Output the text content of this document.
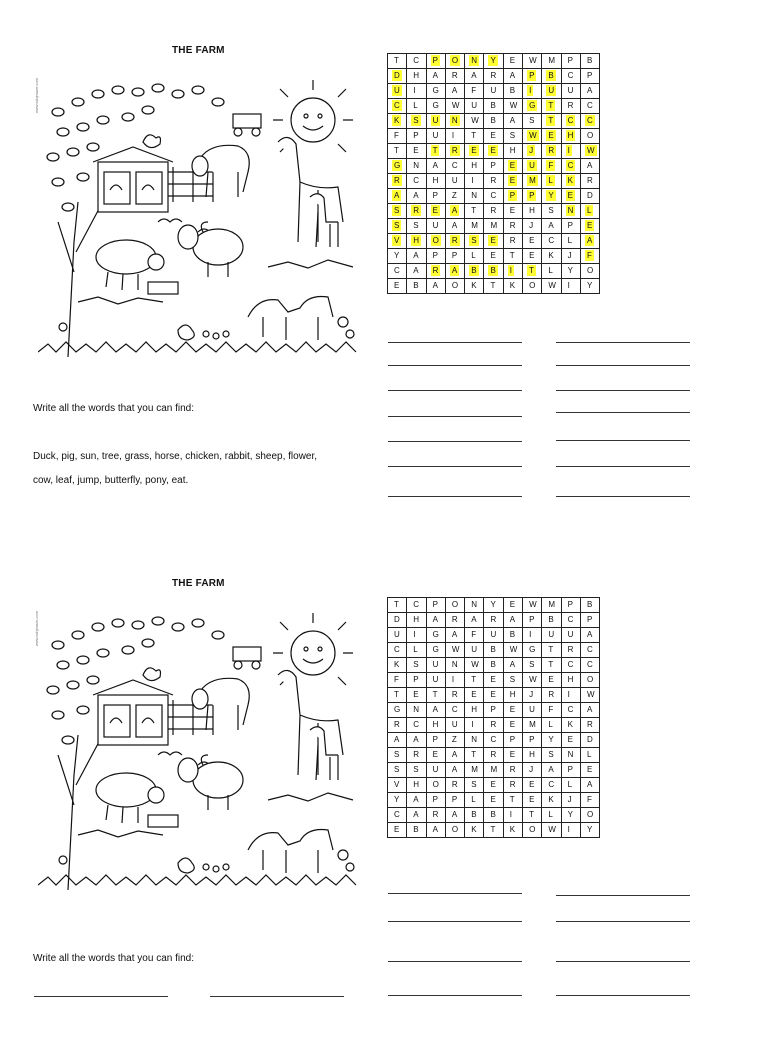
THE FARM
www.ssbjmaze.com
T	C	P	O	N	Y	E	W	M	P	B
D	H	A	R	A	R	A	P	B	C	P
U	I	G	A	F	U	B	I	U	U	A
C	L	G	W	U	B	W	G	T	R	C
K	S	U	N	W	B	A	S	T	C	C
F	P	U	I	T	E	S	W	E	H	O
T	E	T	R	E	E	H	J	R	I	W
G	N	A	C	H	P	E	U	F	C	A
R	C	H	U	I	R	E	M	L	K	R
A	A	P	Z	N	C	P	P	Y	E	D
S	R	E	A	T	R	E	H	S	N	L
S	S	U	A	M	M	R	J	A	P	E
V	H	O	R	S	E	R	E	C	L	A
Y	A	P	P	L	E	T	E	K	J	F
C	A	R	A	B	B	I	T	L	Y	O
E	B	A	O	K	T	K	O	W	I	Y
Write all the words that you can find:
Duck, pig, sun, tree, grass, horse, chicken, rabbit, sheep, flower,
cow, leaf, jump, butterfly, pony, eat.
THE FARM
www.ssbjmaze.com
T	C	P	O	N	Y	E	W	M	P	B
D	H	A	R	A	R	A	P	B	C	P
U	I	G	A	F	U	B	I	U	U	A
C	L	G	W	U	B	W	G	T	R	C
K	S	U	N	W	B	A	S	T	C	C
F	P	U	I	T	E	S	W	E	H	O
T	E	T	R	E	E	H	J	R	I	W
G	N	A	C	H	P	E	U	F	C	A
R	C	H	U	I	R	E	M	L	K	R
A	A	P	Z	N	C	P	P	Y	E	D
S	R	E	A	T	R	E	H	S	N	L
S	S	U	A	M	M	R	J	A	P	E
V	H	O	R	S	E	R	E	C	L	A
Y	A	P	P	L	E	T	E	K	J	F
C	A	R	A	B	B	I	T	L	Y	O
E	B	A	O	K	T	K	O	W	I	Y
Write all the words that you can find:
